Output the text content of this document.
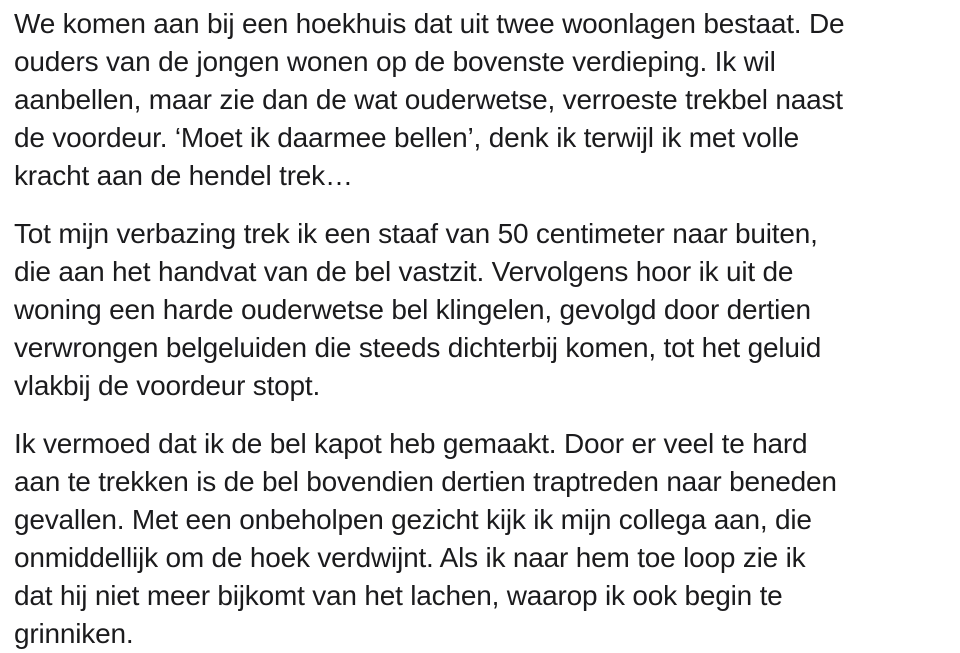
We komen aan bij een hoekhuis dat uit twee woonlagen bestaat. De
ouders van de jongen wonen op de bovenste verdieping. Ik wil
aanbellen, maar zie dan de wat ouderwetse, verroeste trekbel naast
de voordeur. ‘Moet ik daarmee bellen’, denk ik terwijl ik met volle
kracht aan de hendel trek…

Tot mijn verbazing trek ik een staaf van 50 centimeter naar buiten,
die aan het handvat van de bel vastzit. Vervolgens hoor ik uit de
woning een harde ouderwetse bel klingelen, gevolgd door dertien
verwrongen belgeluiden die steeds dichterbij komen, tot het geluid
vlakbij de voordeur stopt.

Ik vermoed dat ik de bel kapot heb gemaakt. Door er veel te hard
aan te trekken is de bel bovendien dertien traptreden naar beneden
gevallen. Met een onbeholpen gezicht kijk ik mijn collega aan, die
onmiddellijk om de hoek verdwijnt. Als ik naar hem toe loop zie ik
dat hij niet meer bijkomt van het lachen, waarop ik ook begin te
grinniken.
